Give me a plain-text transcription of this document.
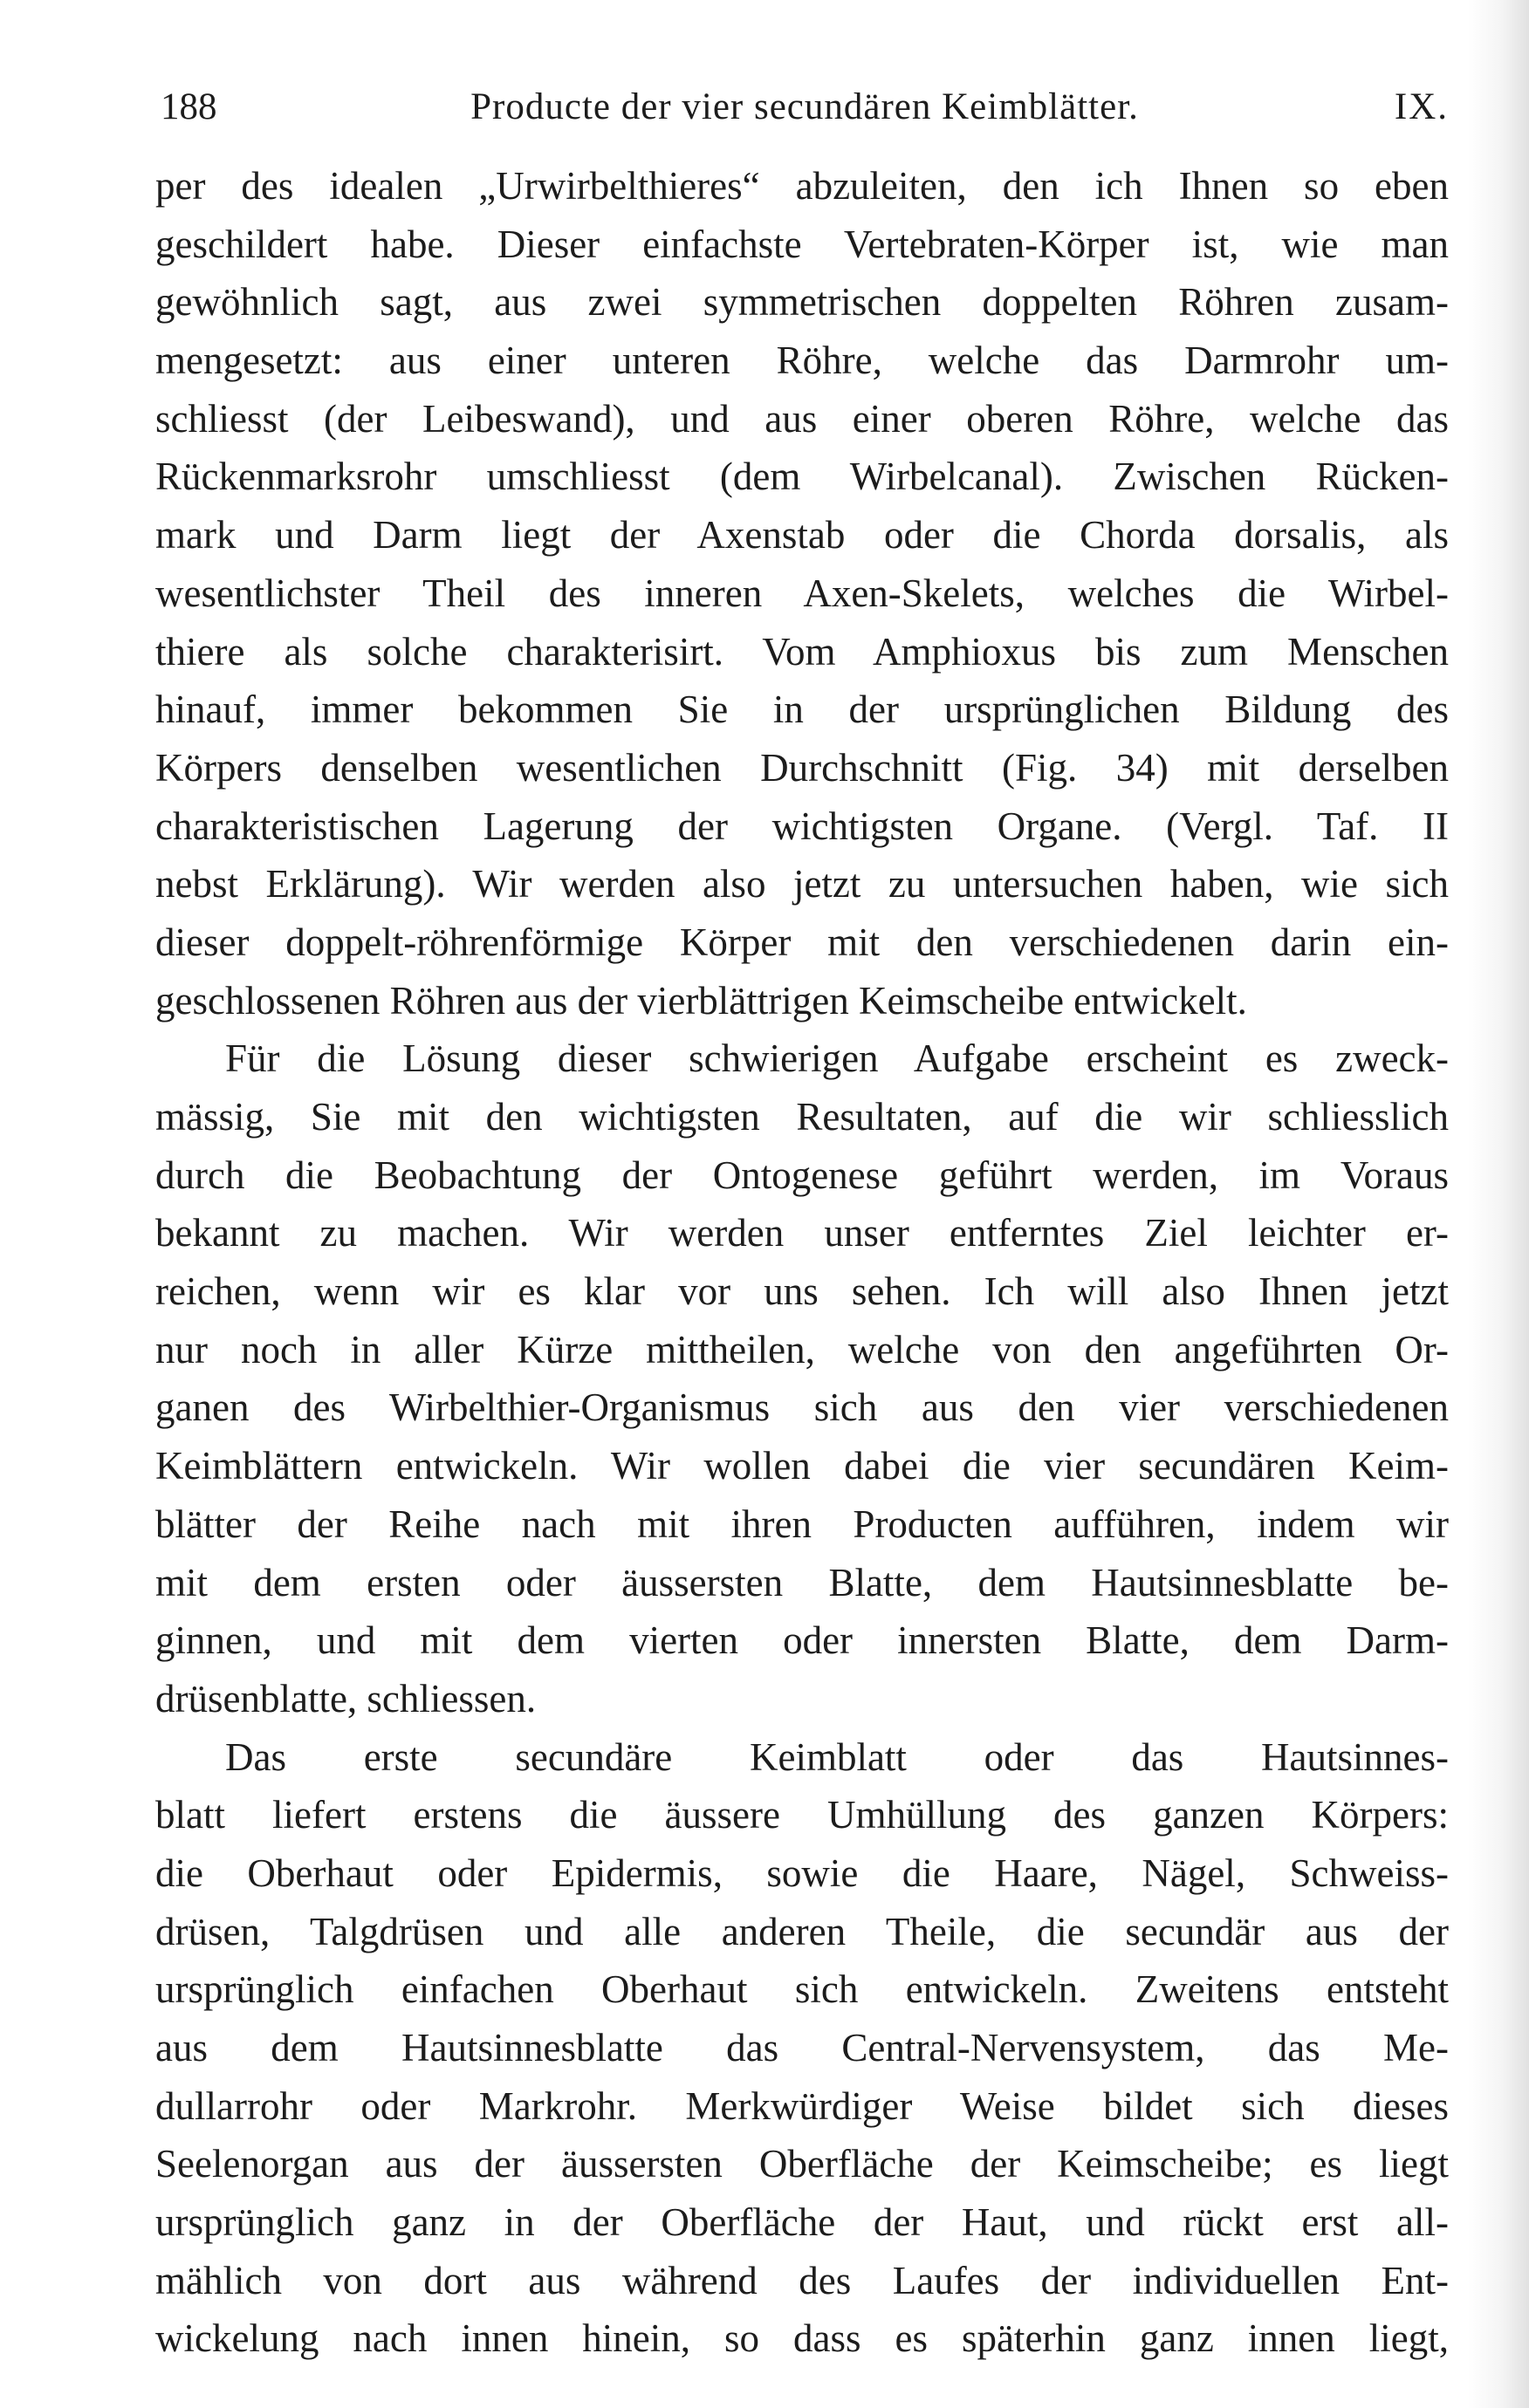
188	Producte der vier secundären Keimblätter.	IX.
per des idealen „Urwirbelthieres“ abzuleiten, den ich Ihnen so eben
geschildert habe. Dieser einfachste Vertebraten-Körper ist, wie man
gewöhnlich sagt, aus zwei symmetrischen doppelten Röhren zusam-
mengesetzt: aus einer unteren Röhre, welche das Darmrohr um-
schliesst (der Leibeswand), und aus einer oberen Röhre, welche das
Rückenmarksrohr umschliesst (dem Wirbelcanal). Zwischen Rücken-
mark und Darm liegt der Axenstab oder die Chorda dorsalis, als
wesentlichster Theil des inneren Axen-Skelets, welches die Wirbel-
thiere als solche charakterisirt. Vom Amphioxus bis zum Menschen
hinauf, immer bekommen Sie in der ursprünglichen Bildung des
Körpers denselben wesentlichen Durchschnitt (Fig. 34) mit derselben
charakteristischen Lagerung der wichtigsten Organe. (Vergl. Taf. II
nebst Erklärung). Wir werden also jetzt zu untersuchen haben, wie sich
dieser doppelt-röhrenförmige Körper mit den verschiedenen darin ein-
geschlossenen Röhren aus der vierblättrigen Keimscheibe entwickelt.
Für die Lösung dieser schwierigen Aufgabe erscheint es zweck-
mässig, Sie mit den wichtigsten Resultaten, auf die wir schliesslich
durch die Beobachtung der Ontogenese geführt werden, im Voraus
bekannt zu machen. Wir werden unser entferntes Ziel leichter er-
reichen, wenn wir es klar vor uns sehen. Ich will also Ihnen jetzt
nur noch in aller Kürze mittheilen, welche von den angeführten Or-
ganen des Wirbelthier-Organismus sich aus den vier verschiedenen
Keimblättern entwickeln. Wir wollen dabei die vier secundären Keim-
blätter der Reihe nach mit ihren Producten aufführen, indem wir
mit dem ersten oder äussersten Blatte, dem Hautsinnesblatte be-
ginnen, und mit dem vierten oder innersten Blatte, dem Darm-
drüsenblatte, schliessen.
Das erste secundäre Keimblatt oder das Hautsinnes-
blatt liefert erstens die äussere Umhüllung des ganzen Körpers:
die Oberhaut oder Epidermis, sowie die Haare, Nägel, Schweiss-
drüsen, Talgdrüsen und alle anderen Theile, die secundär aus der
ursprünglich einfachen Oberhaut sich entwickeln. Zweitens entsteht
aus dem Hautsinnesblatte das Central-Nervensystem, das Me-
dullarrohr oder Markrohr. Merkwürdiger Weise bildet sich dieses
Seelenorgan aus der äussersten Oberfläche der Keimscheibe; es liegt
ursprünglich ganz in der Oberfläche der Haut, und rückt erst all-
mählich von dort aus während des Laufes der individuellen Ent-
wickelung nach innen hinein, so dass es späterhin ganz innen liegt,
